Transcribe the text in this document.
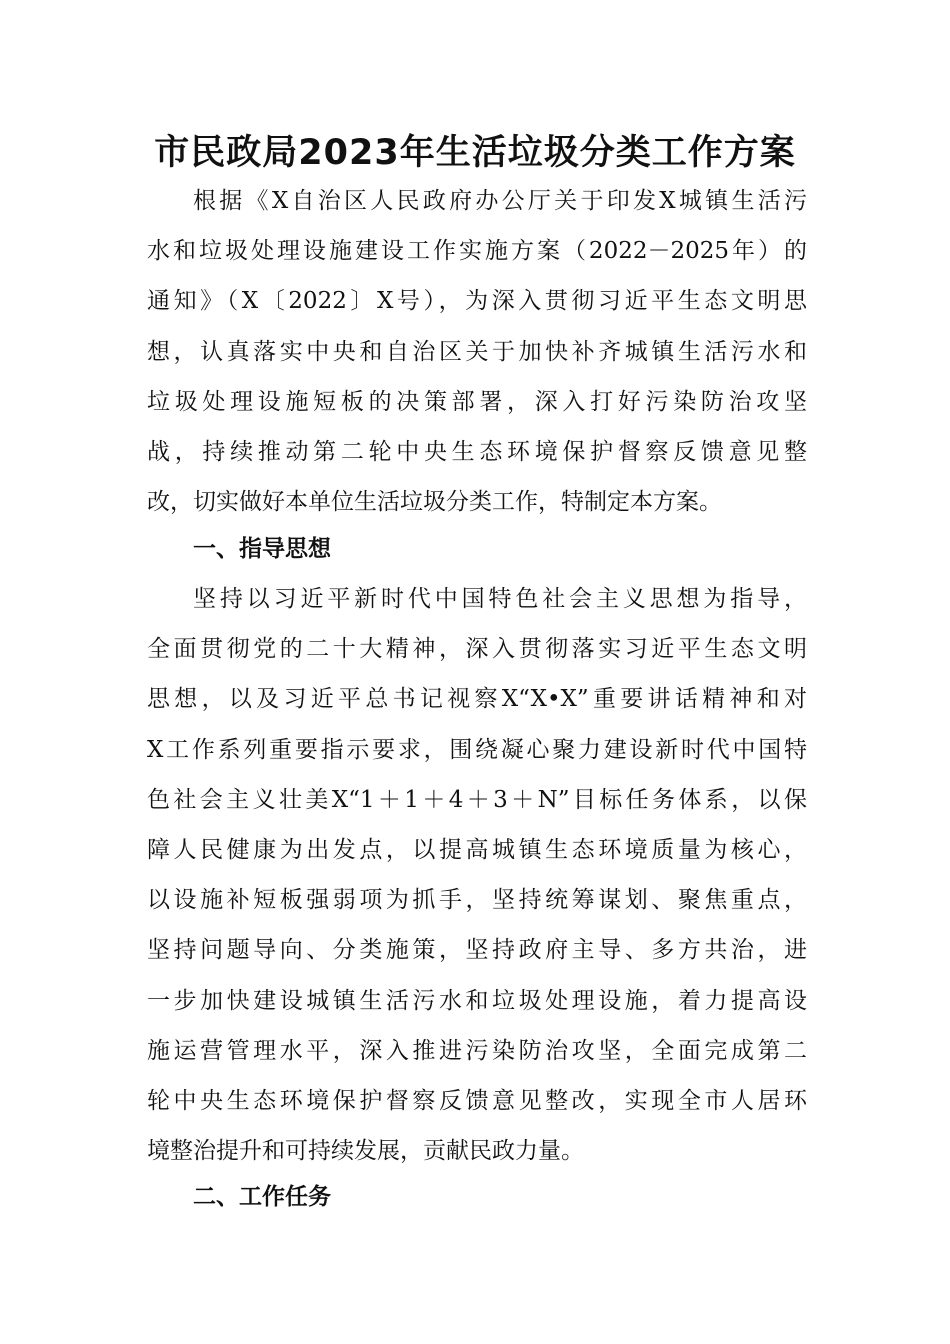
市民政局2023年生活垃圾分类工作方案
根据《X自治区人民政府办公厅关于印发X城镇生活污
水和垃圾处理设施建设工作实施方案（2022－2025年）的
通知》（X〔2022〕X号），为深入贯彻习近平生态文明思
想，认真落实中央和自治区关于加快补齐城镇生活污水和
垃圾处理设施短板的决策部署，深入打好污染防治攻坚
战，持续推动第二轮中央生态环境保护督察反馈意见整
改，切实做好本单位生活垃圾分类工作，特制定本方案。
一、指导思想
坚持以习近平新时代中国特色社会主义思想为指导，
全面贯彻党的二十大精神，深入贯彻落实习近平生态文明
思想，以及习近平总书记视察X“X•X”重要讲话精神和对
X工作系列重要指示要求，围绕凝心聚力建设新时代中国特
色社会主义壮美X“1＋1＋4＋3＋N”目标任务体系，以保
障人民健康为出发点，以提高城镇生态环境质量为核心，
以设施补短板强弱项为抓手，坚持统筹谋划、聚焦重点，
坚持问题导向、分类施策，坚持政府主导、多方共治，进
一步加快建设城镇生活污水和垃圾处理设施，着力提高设
施运营管理水平，深入推进污染防治攻坚，全面完成第二
轮中央生态环境保护督察反馈意见整改，实现全市人居环
境整治提升和可持续发展，贡献民政力量。
二、工作任务
